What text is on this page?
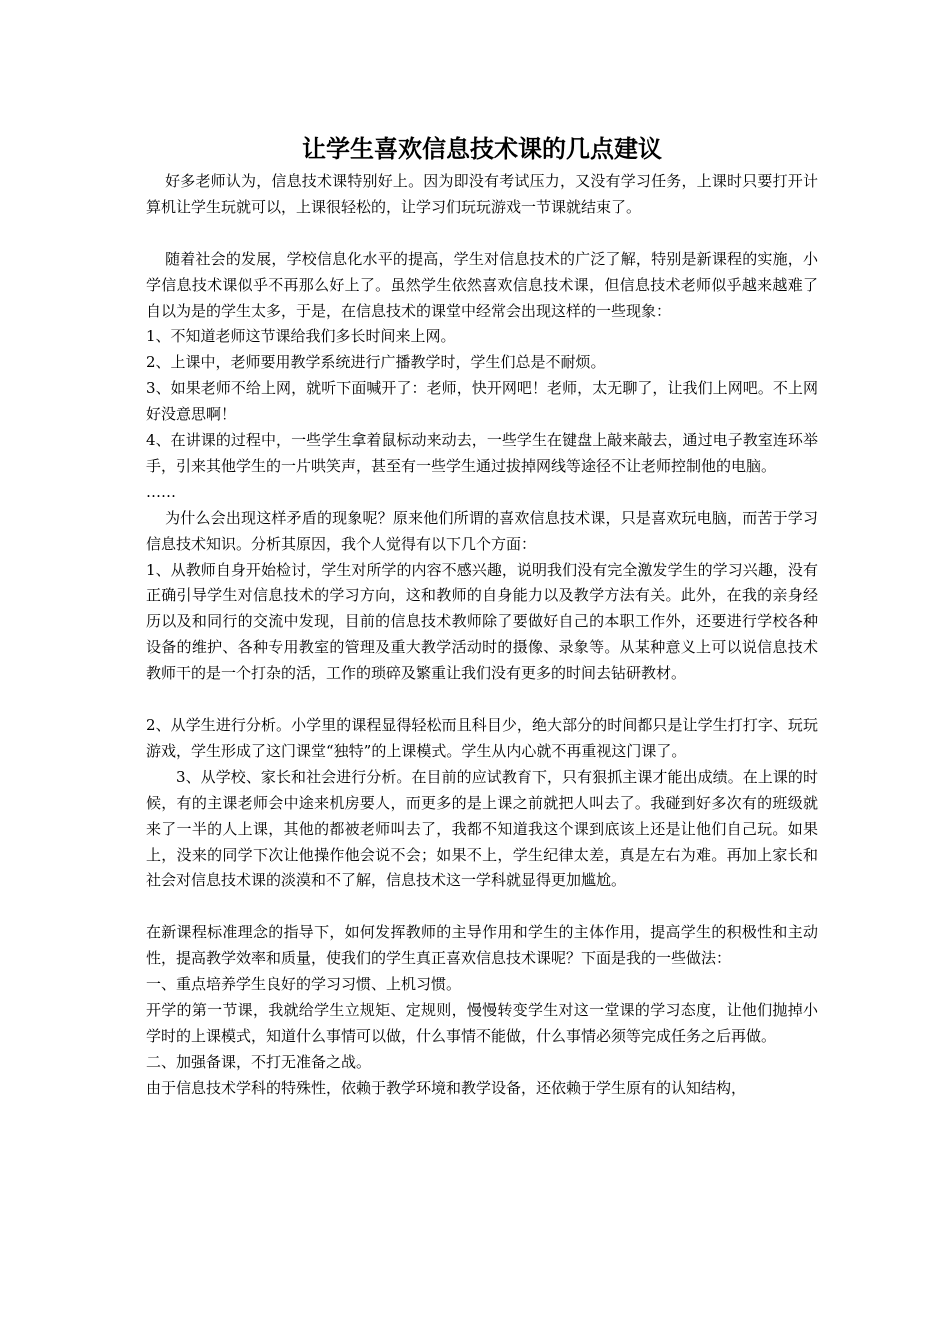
让学生喜欢信息技术课的几点建议

好多老师认为，信息技术课特别好上。因为即没有考试压力，又没有学习任务，上课时只要打开计算机让学生玩就可以，上课很轻松的，让学习们玩玩游戏一节课就结束了。

随着社会的发展，学校信息化水平的提高，学生对信息技术的广泛了解，特别是新课程的实施，小学信息技术课似乎不再那么好上了。虽然学生依然喜欢信息技术课，但信息技术老师似乎越来越难了自以为是的学生太多，于是，在信息技术的课堂中经常会出现这样的一些现象：

1、不知道老师这节课给我们多长时间来上网。

2、上课中，老师要用教学系统进行广播教学时，学生们总是不耐烦。

3、如果老师不给上网，就听下面喊开了：老师，快开网吧！老师，太无聊了，让我们上网吧。不上网好没意思啊！

4、在讲课的过程中，一些学生拿着鼠标动来动去，一些学生在键盘上敲来敲去，通过电子教室连环举手，引来其他学生的一片哄笑声，甚至有一些学生通过拔掉网线等途径不让老师控制他的电脑。

……

为什么会出现这样矛盾的现象呢？原来他们所谓的喜欢信息技术课，只是喜欢玩电脑，而苦于学习信息技术知识。分析其原因，我个人觉得有以下几个方面：

1、从教师自身开始检讨，学生对所学的内容不感兴趣，说明我们没有完全激发学生的学习兴趣，没有正确引导学生对信息技术的学习方向，这和教师的自身能力以及教学方法有关。此外，在我的亲身经历以及和同行的交流中发现，目前的信息技术教师除了要做好自己的本职工作外，还要进行学校各种设备的维护、各种专用教室的管理及重大教学活动时的摄像、录象等。从某种意义上可以说信息技术教师干的是一个打杂的活，工作的琐碎及繁重让我们没有更多的时间去钻研教材。

2、从学生进行分析。小学里的课程显得轻松而且科目少，绝大部分的时间都只是让学生打打字、玩玩游戏，学生形成了这门课堂“独特”的上课模式。学生从内心就不再重视这门课了。

3、从学校、家长和社会进行分析。在目前的应试教育下，只有狠抓主课才能出成绩。在上课的时候，有的主课老师会中途来机房要人，而更多的是上课之前就把人叫去了。我碰到好多次有的班级就来了一半的人上课，其他的都被老师叫去了，我都不知道我这个课到底该上还是让他们自己玩。如果上，没来的同学下次让他操作他会说不会；如果不上，学生纪律太差，真是左右为难。再加上家长和社会对信息技术课的淡漠和不了解，信息技术这一学科就显得更加尴尬。

在新课程标准理念的指导下，如何发挥教师的主导作用和学生的主体作用，提高学生的积极性和主动性，提高教学效率和质量，使我们的学生真正喜欢信息技术课呢？下面是我的一些做法：

一、重点培养学生良好的学习习惯、上机习惯。

开学的第一节课，我就给学生立规矩、定规则，慢慢转变学生对这一堂课的学习态度，让他们抛掉小学时的上课模式，知道什么事情可以做，什么事情不能做，什么事情必须等完成任务之后再做。

二、加强备课，不打无准备之战。

由于信息技术学科的特殊性，依赖于教学环境和教学设备，还依赖于学生原有的认知结构，
